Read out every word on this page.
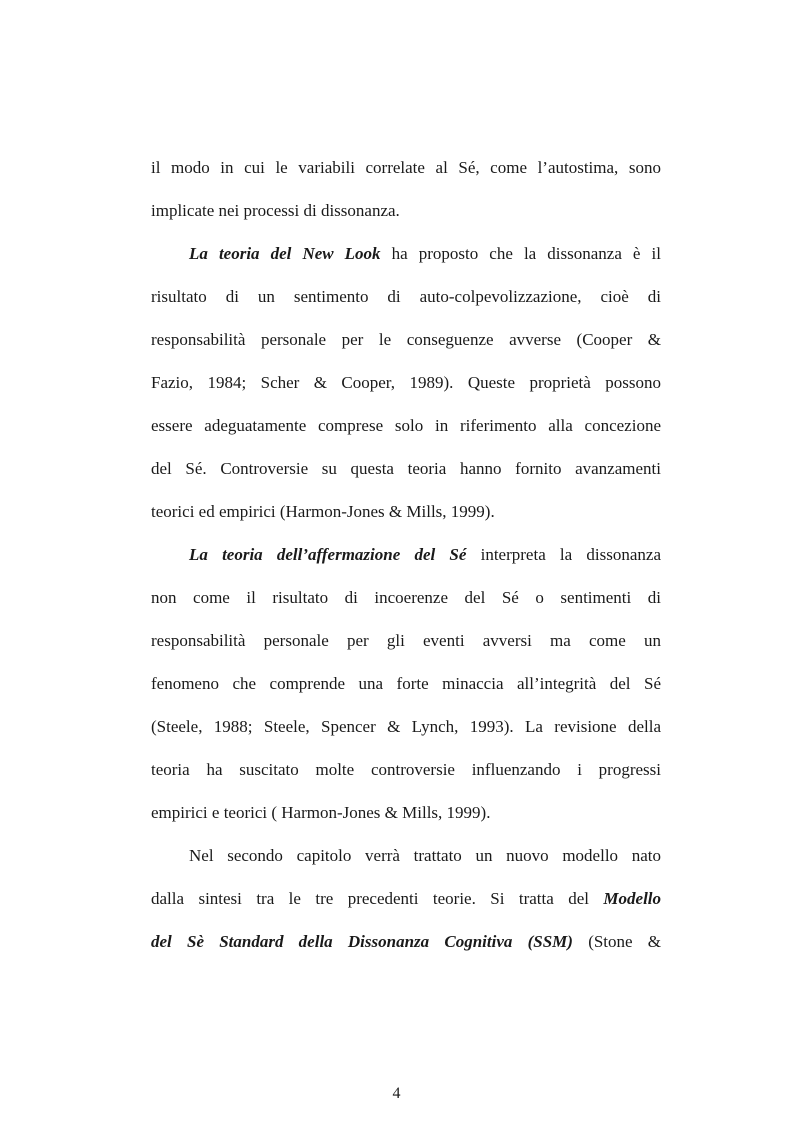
il modo in cui le variabili correlate al Sé, come l’autostima, sono
implicate nei processi di dissonanza.
La teoria del New Look ha proposto che la dissonanza è il
risultato di un sentimento di auto-colpevolizzazione, cioè di
responsabilità personale per le conseguenze avverse (Cooper &
Fazio, 1984; Scher & Cooper, 1989). Queste proprietà possono
essere adeguatamente comprese solo in riferimento alla concezione
del Sé. Controversie su questa teoria hanno fornito avanzamenti
teorici ed empirici (Harmon-Jones & Mills, 1999).
La teoria dell’affermazione del Sé interpreta la dissonanza
non come il risultato di incoerenze del Sé o sentimenti di
responsabilità personale per gli eventi avversi ma come un
fenomeno che comprende una forte minaccia all’integrità del Sé
(Steele, 1988; Steele, Spencer & Lynch, 1993). La revisione della
teoria ha suscitato molte controversie influenzando i progressi
empirici e teorici ( Harmon-Jones & Mills, 1999).
Nel secondo capitolo verrà trattato un nuovo modello nato
dalla sintesi tra le tre precedenti teorie. Si tratta del Modello
del Sè Standard della Dissonanza Cognitiva (SSM) (Stone &
4
